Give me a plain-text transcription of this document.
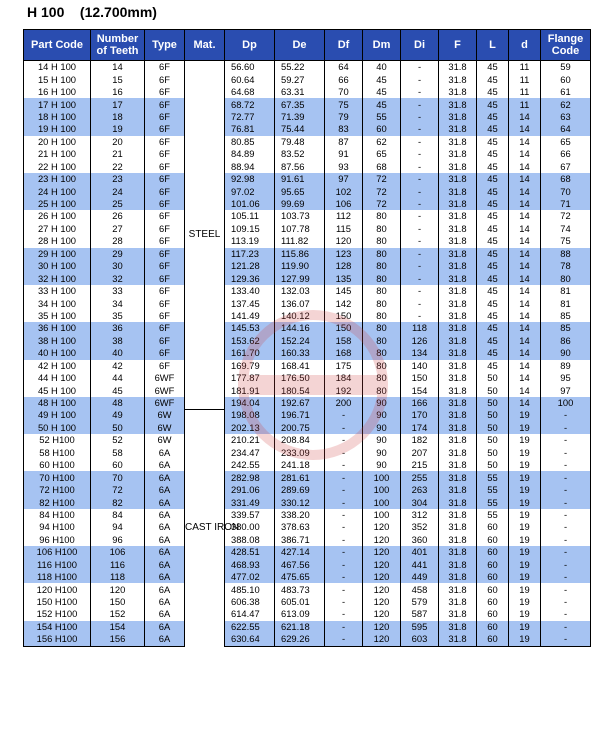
H 100    (12.700mm)
Part Code	Number of Teeth	Type	Mat.	Dp	De	Df	Dm	Di	F	L	d	Flange Code
14 H 100	14	6F	STEEL	56.60	55.22	64	40	-	31.8	45	11	59
15 H 100	15	6F		60.64	59.27	66	45	-	31.8	45	11	60
16 H 100	16	6F		64.68	63.31	70	45	-	31.8	45	11	61
17 H 100	17	6F		68.72	67.35	75	45	-	31.8	45	11	62
18 H 100	18	6F		72.77	71.39	79	55	-	31.8	45	14	63
19 H 100	19	6F		76.81	75.44	83	60	-	31.8	45	14	64
20 H 100	20	6F		80.85	79.48	87	62	-	31.8	45	14	65
21 H 100	21	6F		84.89	83.52	91	65	-	31.8	45	14	66
22 H 100	22	6F		88.94	87.56	93	68	-	31.8	45	14	67
23 H 100	23	6F		92.98	91.61	97	72	-	31.8	45	14	68
24 H 100	24	6F		97.02	95.65	102	72	-	31.8	45	14	70
25 H 100	25	6F		101.06	99.69	106	72	-	31.8	45	14	71
26 H 100	26	6F		105.11	103.73	112	80	-	31.8	45	14	72
27 H 100	27	6F		109.15	107.78	115	80	-	31.8	45	14	74
28 H 100	28	6F		113.19	111.82	120	80	-	31.8	45	14	75
29 H 100	29	6F		117.23	115.86	123	80	-	31.8	45	14	88
30 H 100	30	6F		121.28	119.90	128	80	-	31.8	45	14	78
32 H 100	32	6F		129.36	127.99	135	80	-	31.8	45	14	80
33 H 100	33	6F		133.40	132.03	145	80	-	31.8	45	14	81
34 H 100	34	6F		137.45	136.07	142	80	-	31.8	45	14	81
35 H 100	35	6F		141.49	140.12	150	80	-	31.8	45	14	85
36 H 100	36	6F		145.53	144.16	150	80	118	31.8	45	14	85
38 H 100	38	6F		153.62	152.24	158	80	126	31.8	45	14	86
40 H 100	40	6F		161.70	160.33	168	80	134	31.8	45	14	90
42 H 100	42	6F		169.79	168.41	175	80	140	31.8	45	14	89
44 H 100	44	6WF		177.87	176.50	184	80	150	31.8	50	14	95
45 H 100	45	6WF		181.91	180.54	192	80	154	31.8	50	14	97
48 H 100	48	6WF		194.04	192.67	200	90	166	31.8	50	14	100
49 H 100	49	6W	CAST IRON	198.08	196.71	-	90	170	31.8	50	19	-
50 H 100	50	6W		202.13	200.75	-	90	174	31.8	50	19	-
52 H100	52	6W		210.21	208.84	-	90	182	31.8	50	19	-
58 H100	58	6A		234.47	233.09	-	90	207	31.8	50	19	-
60 H100	60	6A		242.55	241.18	-	90	215	31.8	50	19	-
70 H100	70	6A		282.98	281.61	-	100	255	31.8	55	19	-
72 H100	72	6A		291.06	289.69	-	100	263	31.8	55	19	-
82 H100	82	6A		331.49	330.12	-	100	304	31.8	55	19	-
84 H100	84	6A		339.57	338.20	-	100	312	31.8	55	19	-
94 H100	94	6A		380.00	378.63	-	120	352	31.8	60	19	-
96 H100	96	6A		388.08	386.71	-	120	360	31.8	60	19	-
106 H100	106	6A		428.51	427.14	-	120	401	31.8	60	19	-
116 H100	116	6A		468.93	467.56	-	120	441	31.8	60	19	-
118 H100	118	6A		477.02	475.65	-	120	449	31.8	60	19	-
120 H100	120	6A		485.10	483.73	-	120	458	31.8	60	19	-
150 H100	150	6A		606.38	605.01	-	120	579	31.8	60	19	-
152 H100	152	6A		614.47	613.09	-	120	587	31.8	60	19	-
154 H100	154	6A		622.55	621.18	-	120	595	31.8	60	19	-
156 H100	156	6A		630.64	629.26	-	120	603	31.8	60	19	-
